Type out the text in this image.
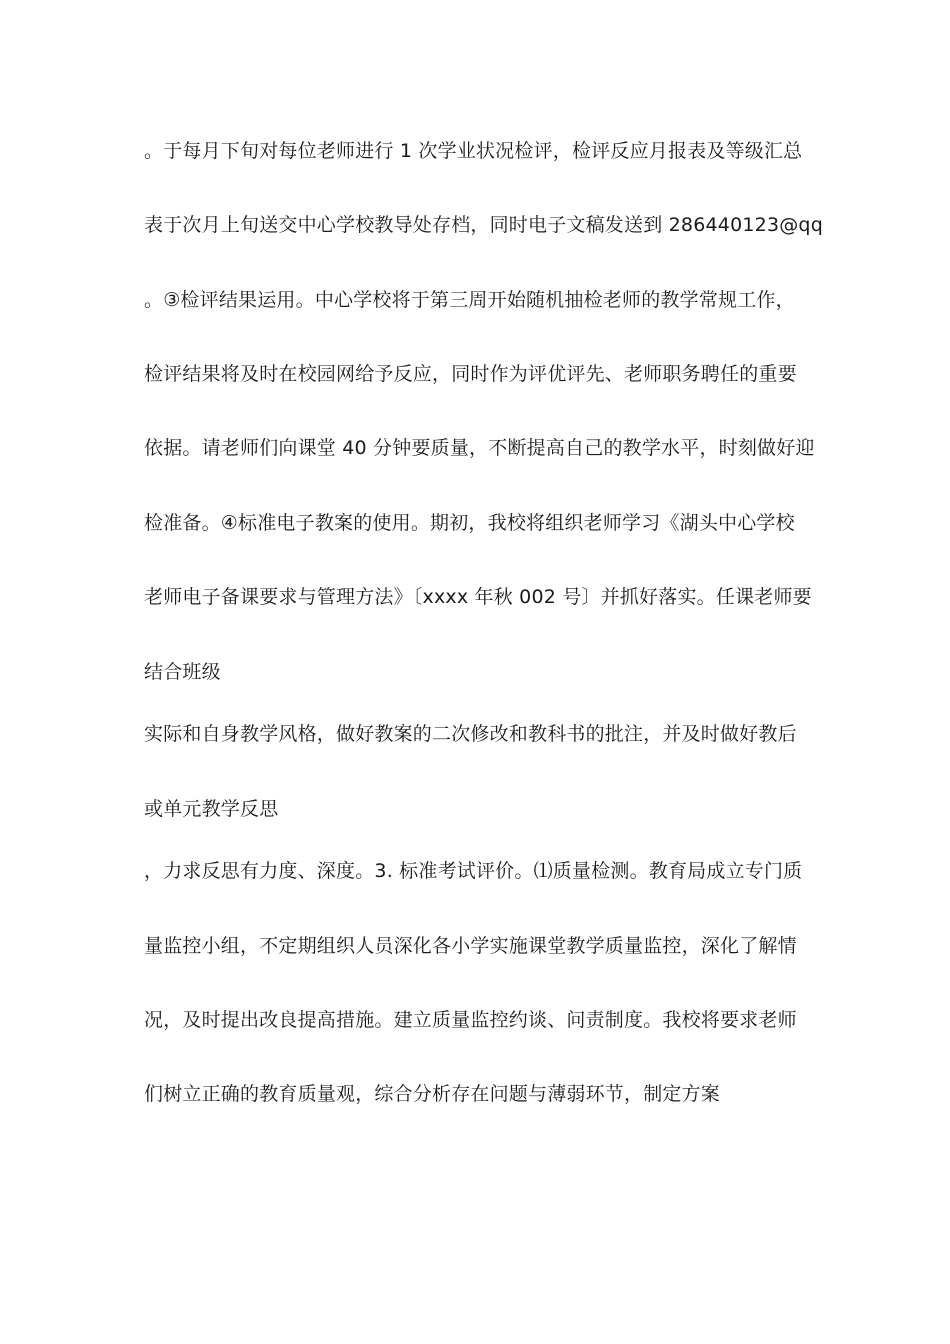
。于每月下旬对每位老师进行 1 次学业状况检评，检评反应月报表及等级汇总
表于次月上旬送交中心学校教导处存档，同时电子文稿发送到 286440123@qq
。③检评结果运用。中心学校将于第三周开始随机抽检老师的教学常规工作，
检评结果将及时在校园网给予反应，同时作为评优评先、老师职务聘任的重要
依据。请老师们向课堂 40 分钟要质量，不断提高自己的教学水平，时刻做好迎
检准备。④标准电子教案的使用。期初，我校将组织老师学习《湖头中心学校
老师电子备课要求与管理方法》〔xxxx 年秋 002 号〕并抓好落实。任课老师要
结合班级
实际和自身教学风格，做好教案的二次修改和教科书的批注，并及时做好教后
或单元教学反思
，力求反思有力度、深度。3. 标准考试评价。⑴质量检测。教育局成立专门质
量监控小组，不定期组织人员深化各小学实施课堂教学质量监控，深化了解情
况，及时提出改良提高措施。建立质量监控约谈、问责制度。我校将要求老师
们树立正确的教育质量观，综合分析存在问题与薄弱环节，制定方案
